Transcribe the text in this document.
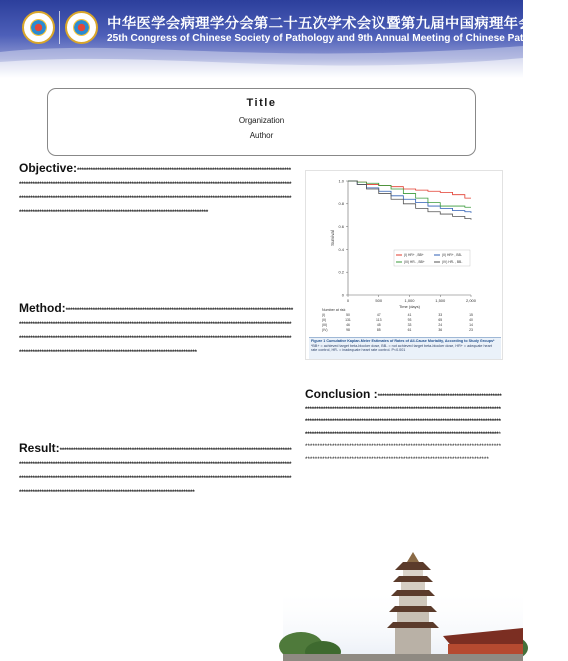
中华医学会病理学分会第二十五次学术会议暨第九届中国病理年会
25th Congress of Chinese Society of Pathology and 9th Annual Meeting of Chinese Pathologists
Title
Organization
Author
Objective:*************************************************************************************************************************************************************************************************************************************************************************************************************************************************************************************************************************************
Method:**************************************************************************************************************************************************************************************************************************************************************************************************************************************************************************************************************************************
Result:***************************************************************************************************************************************************************************************************************************************************************************************************************************************************************************************************************************************
0
0.2
0.4
0.6
0.8
1.0
0	500	1,000	1,500	2,000
Time (days)
Survival
(I) HR+ , BB+	(II) HR+ , BB-
(III) HR- , BB+	(IV) HR- , BB-
Number at risk
(I)	50	47	41	33	15
(II)	131	113	93	65	40
(III)	46	45	33	24	14
(IV)	98	85	61	36	23
Figure 1 Cumulative Kaplan-Meier Estimates of Rates of All-Cause Mortality, According to Study Groups*
*BB+ = achieved target beta-blocker dose, BB- = not achieved target beta-blocker dose, HR+ = adequate heart rate control, HR- = inadequate heart rate control. P<0.001
Conclusion :***************************************************************************************************************************************************************************************************************************************************************************************************************************************************************************************************************************************************************************************
